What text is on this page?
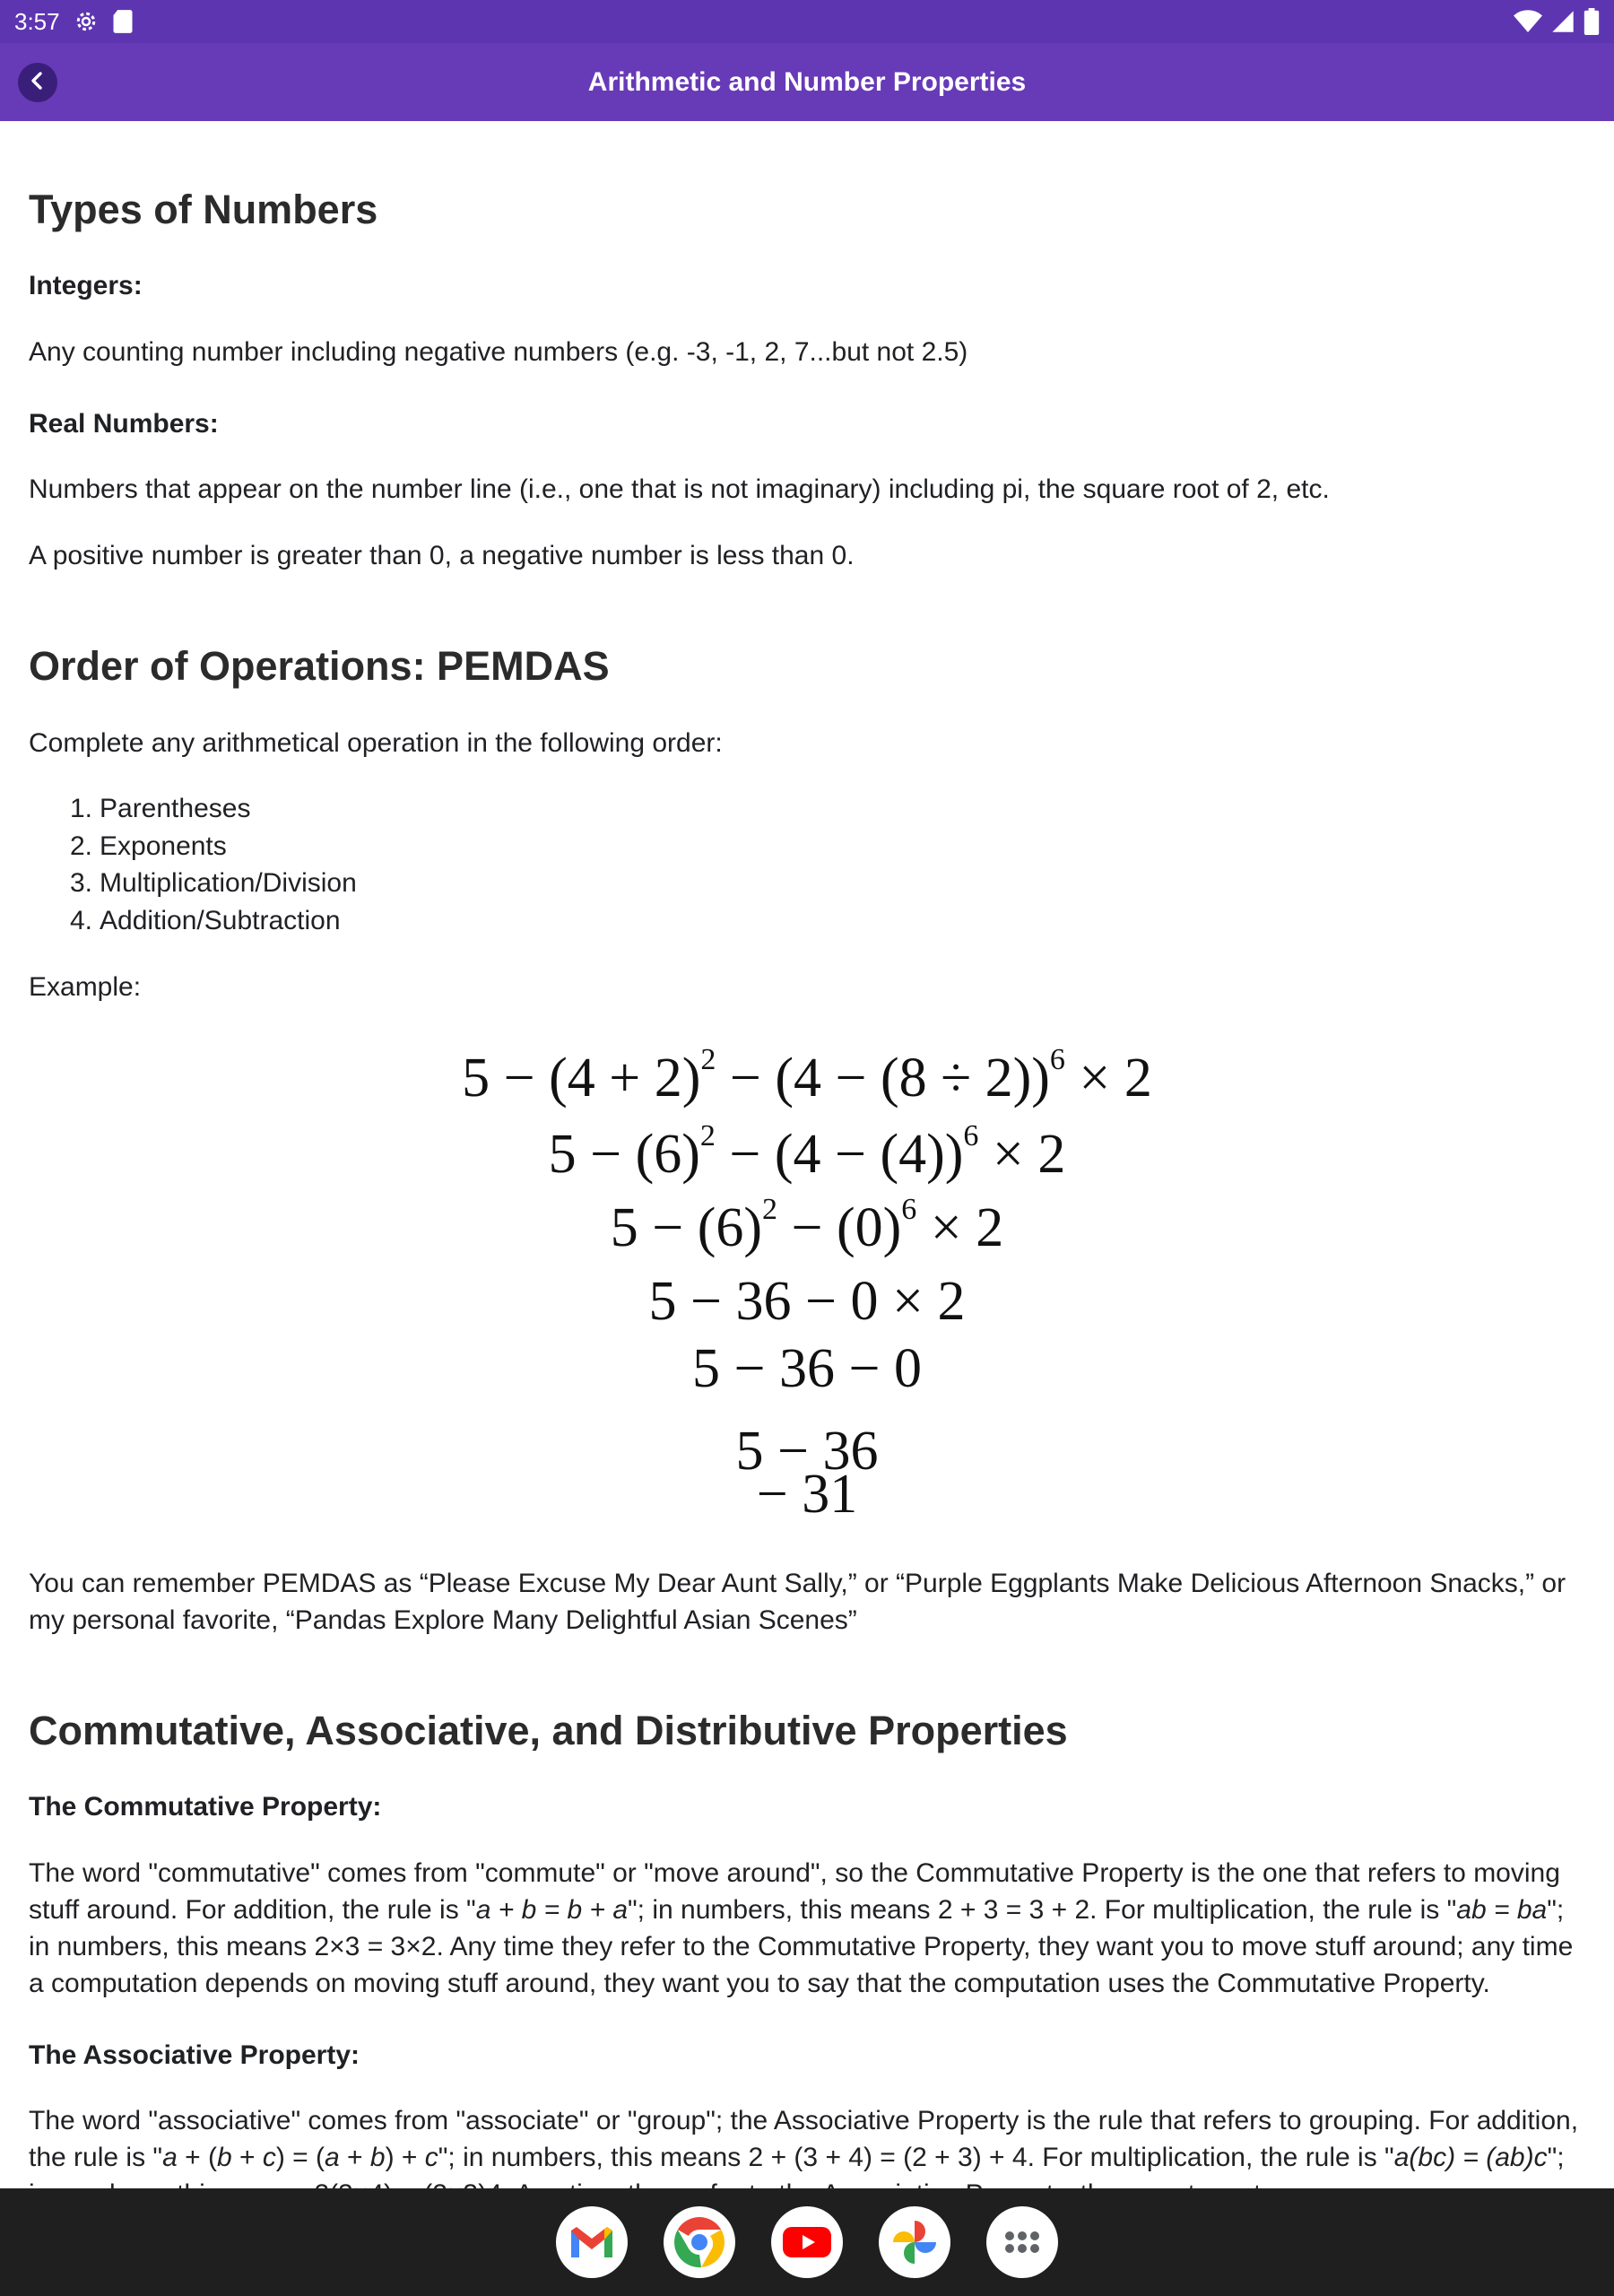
3:57
Arithmetic and Number Properties
Types of Numbers
Integers:

Any counting number including negative numbers (e.g. -3, -1, 2, 7...but not 2.5)

Real Numbers:

Numbers that appear on the number line (i.e., one that is not imaginary) including pi, the square root of 2, etc.

A positive number is greater than 0, a negative number is less than 0.

Order of Operations: PEMDAS

Complete any arithmetical operation in the following order:

1. Parentheses
2. Exponents
3. Multiplication/Division
4. Addition/Subtraction

Example:

$5 - (4 + 2)^2 - (4 - (8 \div 2))^6 \times 2$
$5 - (6)^2 - (4 - (4))^6 \times 2$
$5 - (6)^2 - (0)^6 \times 2$
5 − 36 − 0 × 2
5 − 36 − 0
5 − 36
− 31

You can remember PEMDAS as “Please Excuse My Dear Aunt Sally,” or “Purple Eggplants Make Delicious Afternoon Snacks,” or my personal favorite, “Pandas Explore Many Delightful Asian Scenes”

Commutative, Associative, and Distributive Properties
The Commutative Property:

The word "commutative" comes from "commute" or "move around", so the Commutative Property is the one that refers to moving stuff around. For addition, the rule is "a + b = b + a"; in numbers, this means 2 + 3 = 3 + 2. For multiplication, the rule is "ab = ba"; in numbers, this means 2×3 = 3×2. Any time they refer to the Commutative Property, they want you to move stuff around; any time a computation depends on moving stuff around, they want you to say that the computation uses the Commutative Property.

The Associative Property:

The word "associative" comes from "associate" or "group"; the Associative Property is the rule that refers to grouping. For addition, the rule is "a + (b + c) = (a + b) + c"; in numbers, this means 2 + (3 + 4) = (2 + 3) + 4. For multiplication, the rule is "a(bc) = (ab)c";
